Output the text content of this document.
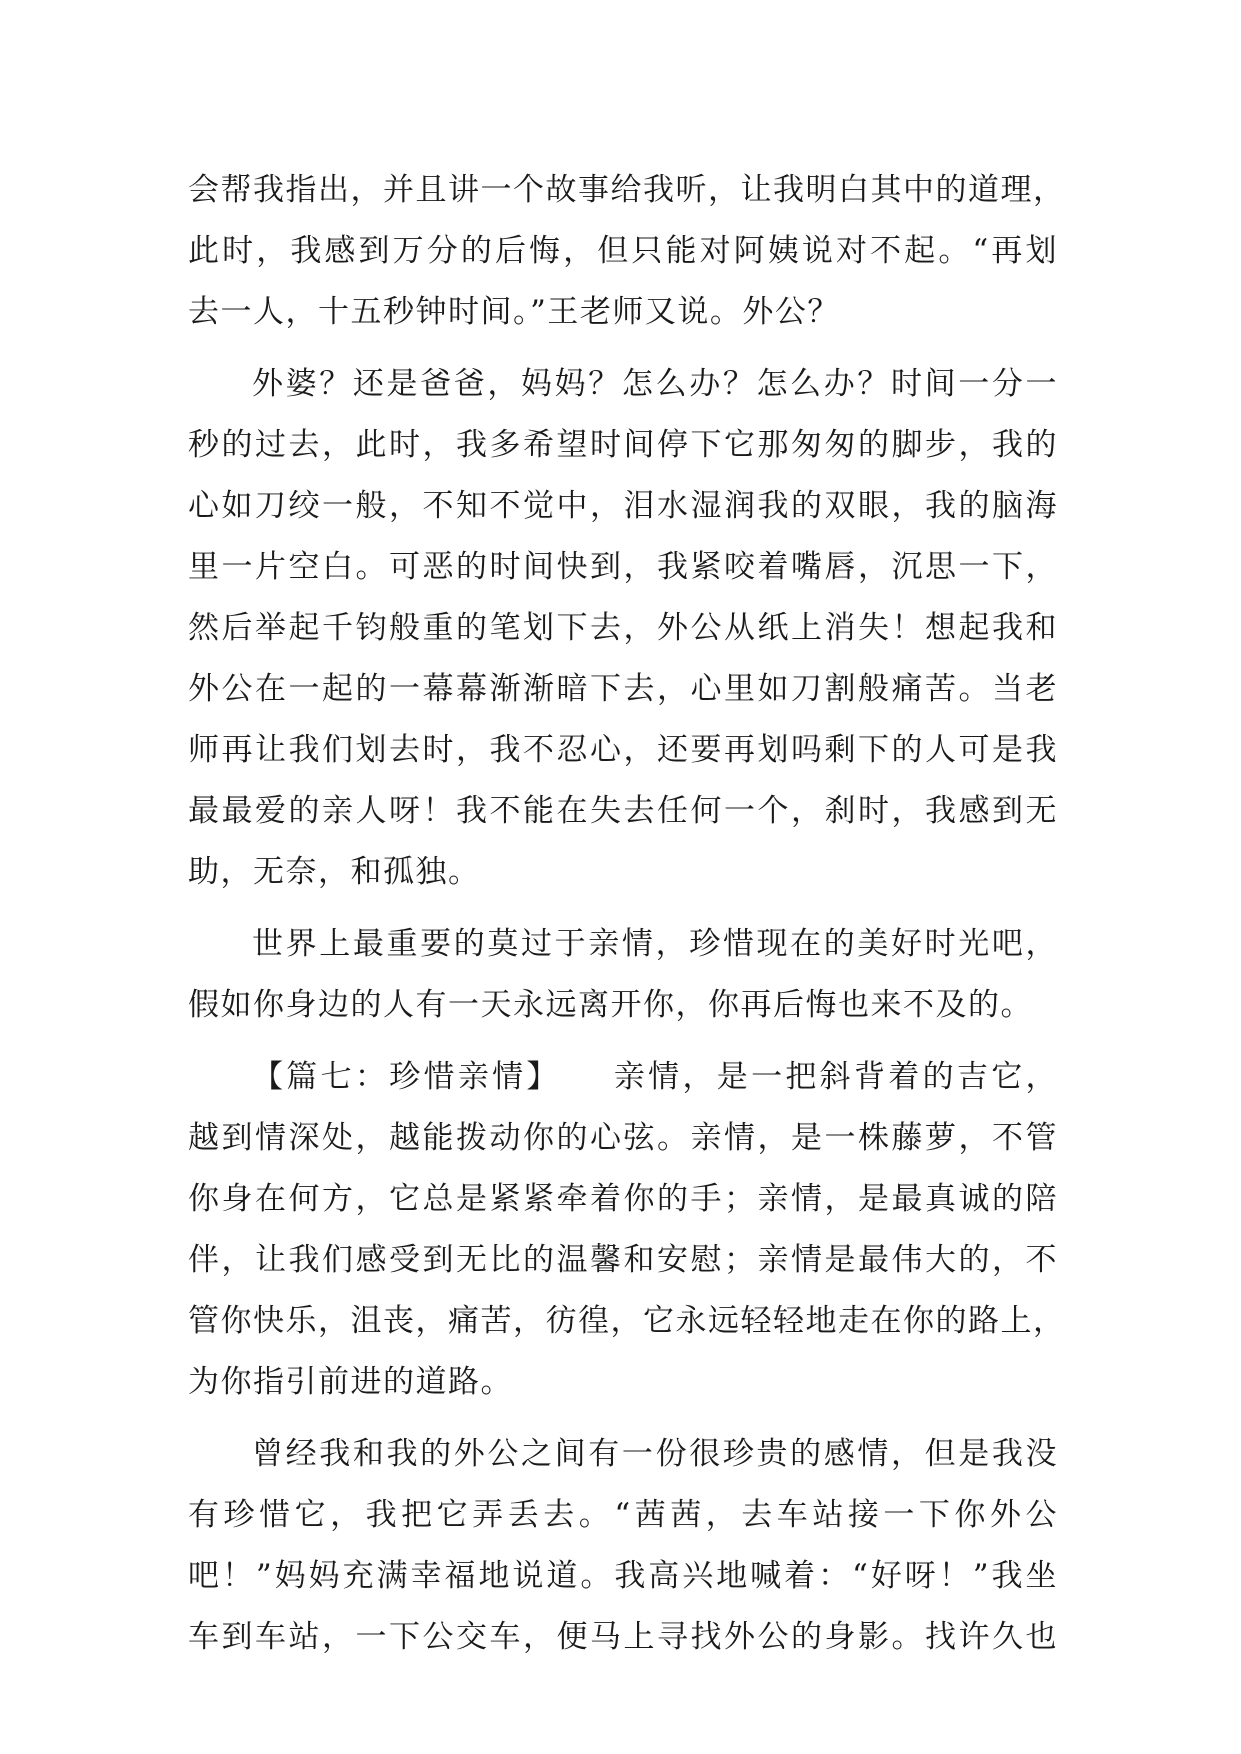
会帮我指出，并且讲一个故事给我听，让我明白其中的道理，
此时，我感到万分的后悔，但只能对阿姨说对不起。“再划
去一人，十五秒钟时间。”王老师又说。外公？
外婆？还是爸爸，妈妈？怎么办？怎么办？时间一分一
秒的过去，此时，我多希望时间停下它那匆匆的脚步，我的
心如刀绞一般，不知不觉中，泪水湿润我的双眼，我的脑海
里一片空白。可恶的时间快到，我紧咬着嘴唇，沉思一下，
然后举起千钧般重的笔划下去，外公从纸上消失！想起我和
外公在一起的一幕幕渐渐暗下去，心里如刀割般痛苦。当老
师再让我们划去时，我不忍心，还要再划吗剩下的人可是我
最最爱的亲人呀！我不能在失去任何一个，刹时，我感到无
助，无奈，和孤独。
世界上最重要的莫过于亲情，珍惜现在的美好时光吧，
假如你身边的人有一天永远离开你，你再后悔也来不及的。
【篇七：珍惜亲情】　　亲情，是一把斜背着的吉它，
越到情深处，越能拨动你的心弦。亲情，是一株藤萝，不管
你身在何方，它总是紧紧牵着你的手；亲情，是最真诚的陪
伴，让我们感受到无比的温馨和安慰；亲情是最伟大的，不
管你快乐，沮丧，痛苦，彷徨，它永远轻轻地走在你的路上，
为你指引前进的道路。
曾经我和我的外公之间有一份很珍贵的感情，但是我没
有珍惜它，我把它弄丢去。“茜茜，去车站接一下你外公
吧！”妈妈充满幸福地说道。我高兴地喊着：“好呀！”我坐
车到车站，一下公交车，便马上寻找外公的身影。找许久也
